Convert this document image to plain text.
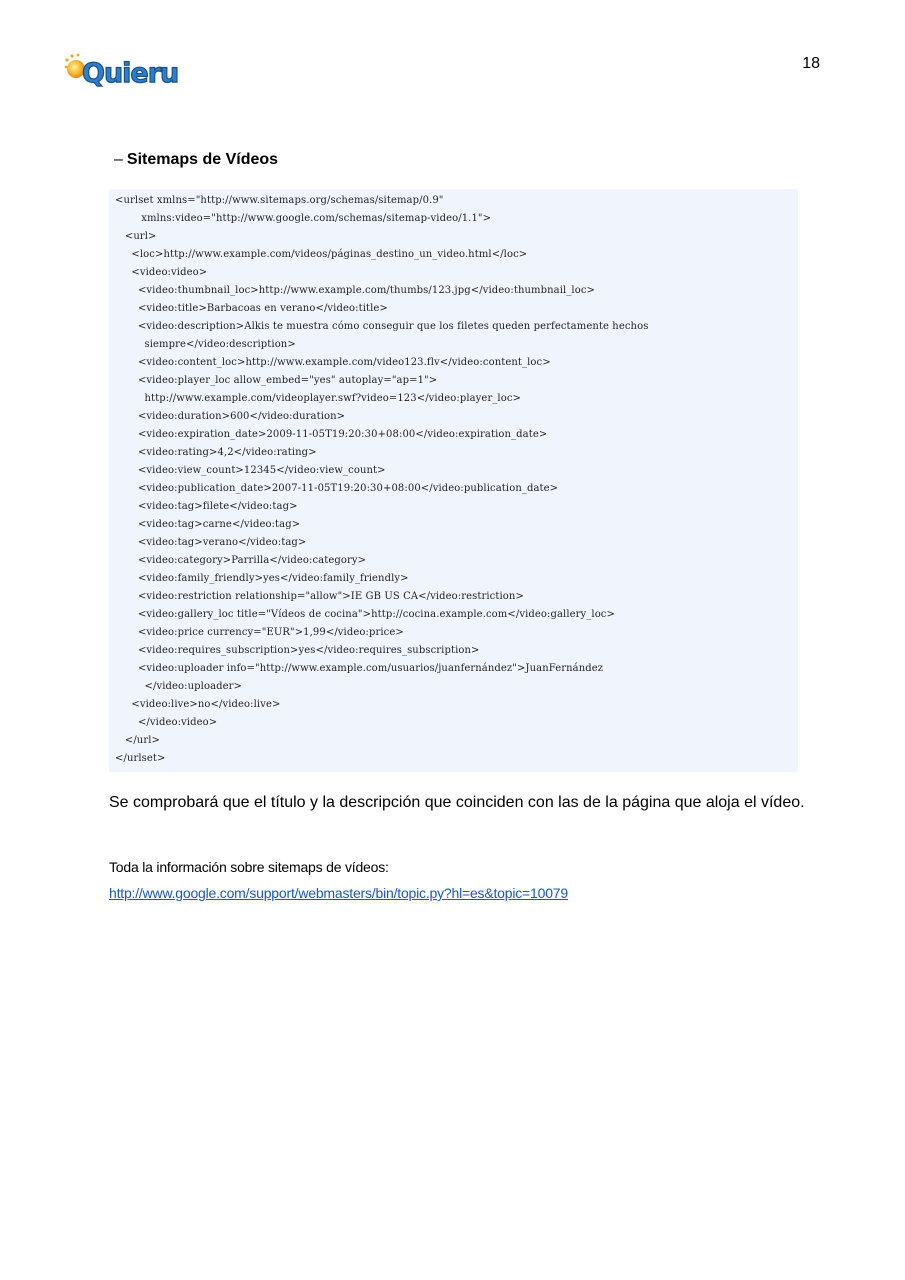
Quieru	18
– Sitemaps de Vídeos
<urlset xmlns="http://www.sitemaps.org/schemas/sitemap/0.9"
xmlns:video="http://www.google.com/schemas/sitemap-video/1.1">
<url>
<loc>http://www.example.com/videos/páginas_destino_un_video.html</loc>
<video:video>
<video:thumbnail_loc>http://www.example.com/thumbs/123.jpg</video:thumbnail_loc>
<video:title>Barbacoas en verano</video:title>
<video:description>Alkis te muestra cómo conseguir que los filetes queden perfectamente hechos
siempre</video:description>
<video:content_loc>http://www.example.com/video123.flv</video:content_loc>
<video:player_loc allow_embed="yes" autoplay="ap=1">
http://www.example.com/videoplayer.swf?video=123</video:player_loc>
<video:duration>600</video:duration>
<video:expiration_date>2009-11-05T19:20:30+08:00</video:expiration_date>
<video:rating>4,2</video:rating>
<video:view_count>12345</video:view_count>
<video:publication_date>2007-11-05T19:20:30+08:00</video:publication_date>
<video:tag>filete</video:tag>
<video:tag>carne</video:tag>
<video:tag>verano</video:tag>
<video:category>Parrilla</video:category>
<video:family_friendly>yes</video:family_friendly>
<video:restriction relationship="allow">IE GB US CA</video:restriction>
<video:gallery_loc title="Vídeos de cocina">http://cocina.example.com</video:gallery_loc>
<video:price currency="EUR">1,99</video:price>
<video:requires_subscription>yes</video:requires_subscription>
<video:uploader info="http://www.example.com/usuarios/juanfernández">JuanFernández
</video:uploader>
<video:live>no</video:live>
</video:video>
</url>
</urlset>
Se comprobará que el título y la descripción que coinciden con las de la página que aloja el vídeo.
Toda la información sobre sitemaps de vídeos:
http://www.google.com/support/webmasters/bin/topic.py?hl=es&topic=10079
